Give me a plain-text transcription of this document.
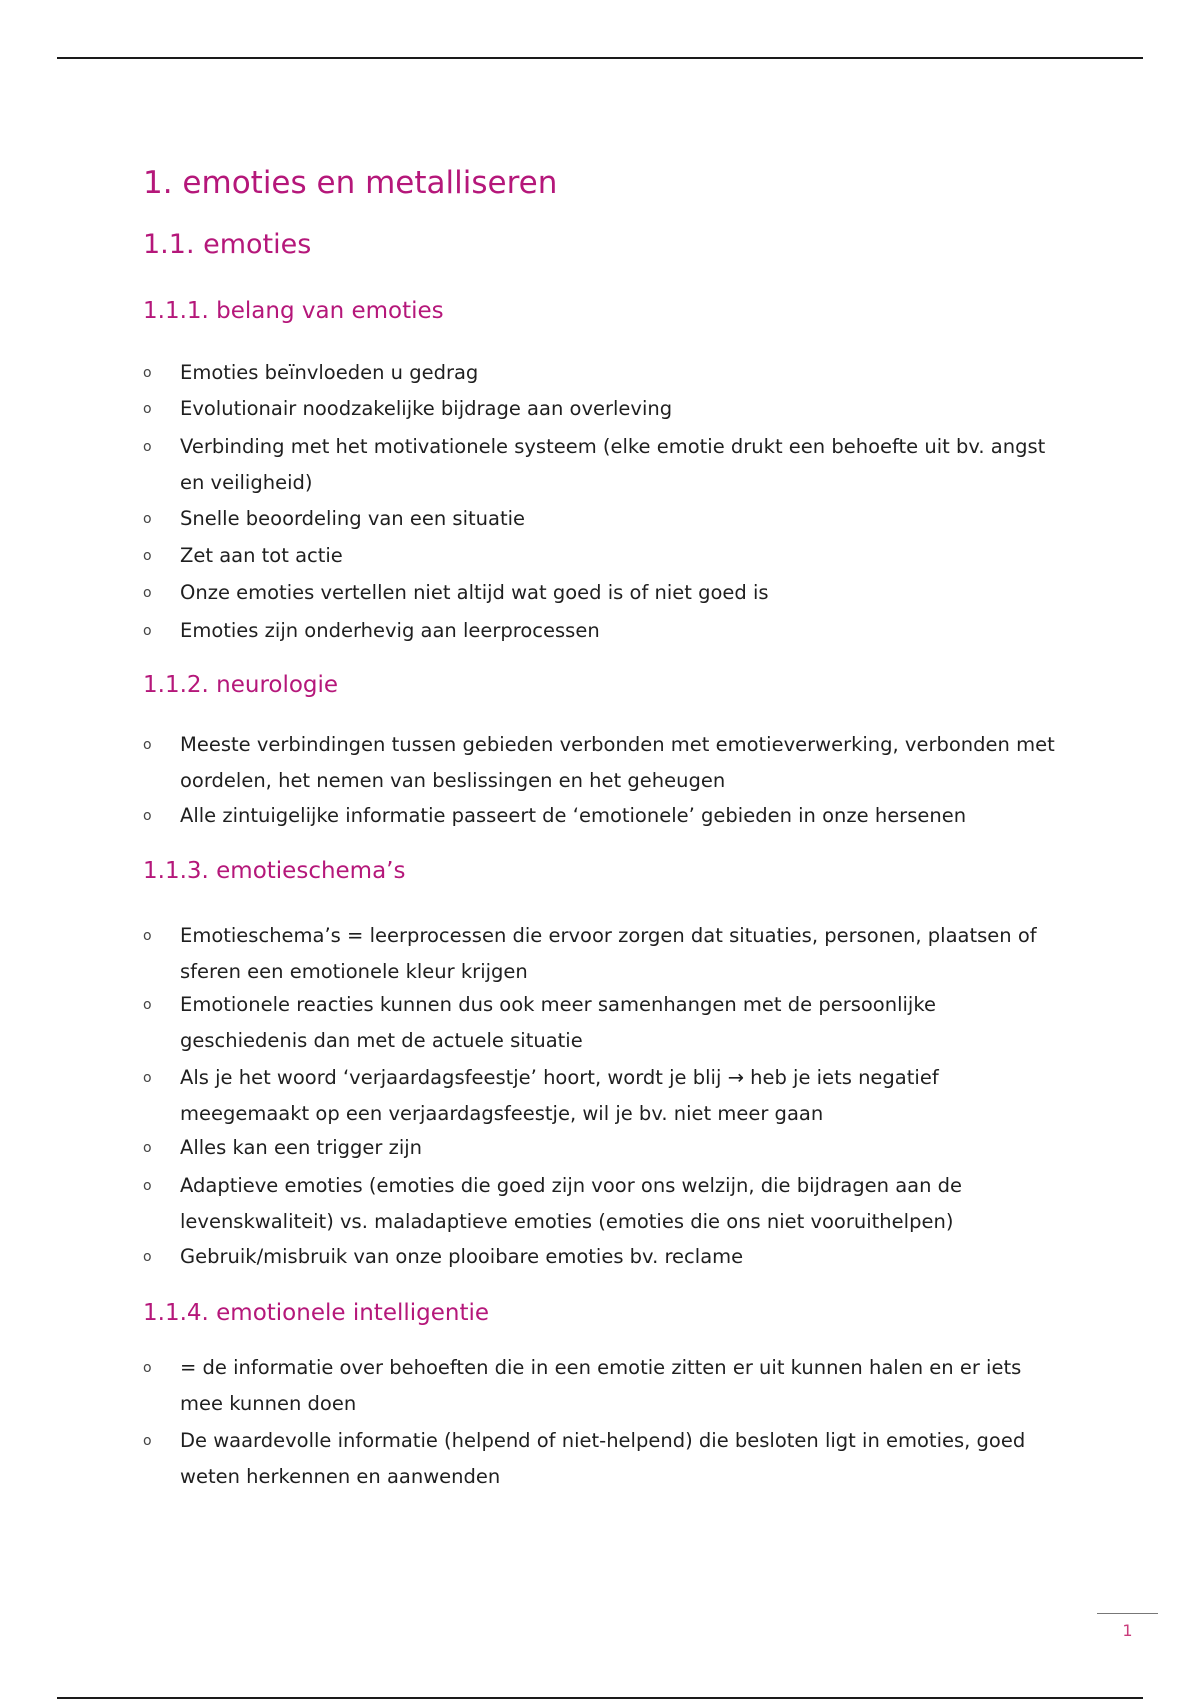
1. emoties en metalliseren
1.1. emoties
1.1.1. belang van emoties
o	Emoties beïnvloeden u gedrag
o	Evolutionair noodzakelijke bijdrage aan overleving
o	Verbinding met het motivationele systeem (elke emotie drukt een behoefte uit bv. angst en veiligheid)
o	Snelle beoordeling van een situatie
o	Zet aan tot actie
o	Onze emoties vertellen niet altijd wat goed is of niet goed is
o	Emoties zijn onderhevig aan leerprocessen
1.1.2. neurologie
o	Meeste verbindingen tussen gebieden verbonden met emotieverwerking, verbonden met oordelen, het nemen van beslissingen en het geheugen
o	Alle zintuigelijke informatie passeert de ‘emotionele’ gebieden in onze hersenen
1.1.3. emotieschema’s
o	Emotieschema’s = leerprocessen die ervoor zorgen dat situaties, personen, plaatsen of sferen een emotionele kleur krijgen
o	Emotionele reacties kunnen dus ook meer samenhangen met de persoonlijke geschiedenis dan met de actuele situatie
o	Als je het woord ‘verjaardagsfeestje’ hoort, wordt je blij → heb je iets negatief meegemaakt op een verjaardagsfeestje, wil je bv. niet meer gaan
o	Alles kan een trigger zijn
o	Adaptieve emoties (emoties die goed zijn voor ons welzijn, die bijdragen aan de levenskwaliteit) vs. maladaptieve emoties (emoties die ons niet vooruithelpen)
o	Gebruik/misbruik van onze plooibare emoties bv. reclame
1.1.4. emotionele intelligentie
o	= de informatie over behoeften die in een emotie zitten er uit kunnen halen en er iets mee kunnen doen
o	De waardevolle informatie (helpend of niet-helpend) die besloten ligt in emoties, goed weten herkennen en aanwenden
1
